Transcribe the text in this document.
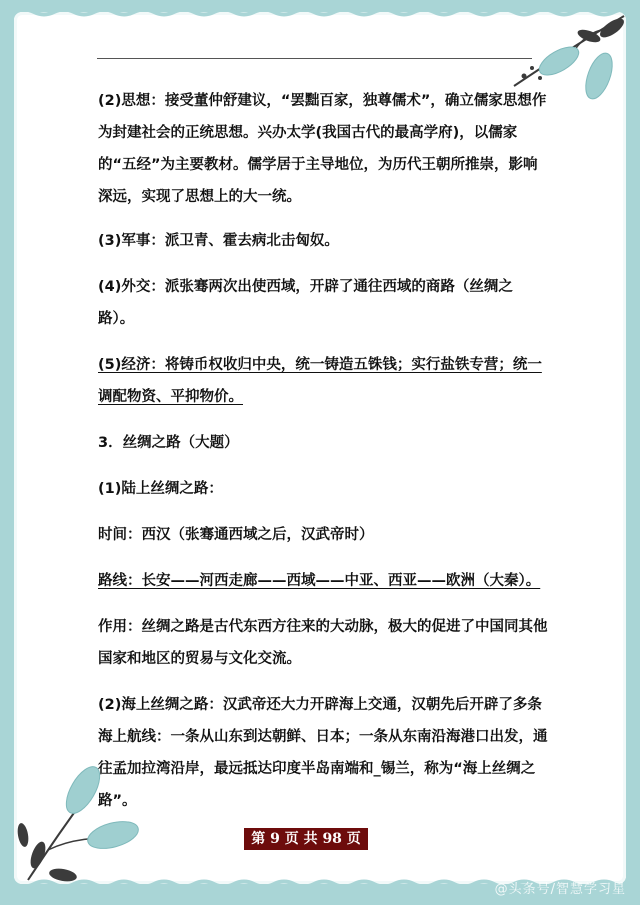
(2)思想：接受董仲舒建议，“罢黜百家，独尊儒术”，确立儒家思想作为封建社会的正统思想。兴办太学(我国古代的最高学府)，以儒家的“五经”为主要教材。儒学居于主导地位，为历代王朝所推崇，影响深远，实现了思想上的大一统。

(3)军事：派卫青、霍去病北击匈奴。

(4)外交：派张骞两次出使西域，开辟了通往西域的商路（丝绸之路）。

(5)经济：将铸币权收归中央，统一铸造五铢钱；实行盐铁专营；统一调配物资、平抑物价。

3．丝绸之路（大题）

(1)陆上丝绸之路：

时间：西汉（张骞通西域之后，汉武帝时）

路线：长安——河西走廊——西域——中亚、西亚——欧洲（大秦）。

作用：丝绸之路是古代东西方往来的大动脉，极大的促进了中国同其他国家和地区的贸易与文化交流。

(2)海上丝绸之路：汉武帝还大力开辟海上交通，汉朝先后开辟了多条海上航线：一条从山东到达朝鲜、日本；一条从东南沿海港口出发，通往孟加拉湾沿岸，最远抵达印度半岛南端和_锡兰，称为“海上丝绸之路”。

第 9 页 共 98 页
@头条号/智慧学习星
